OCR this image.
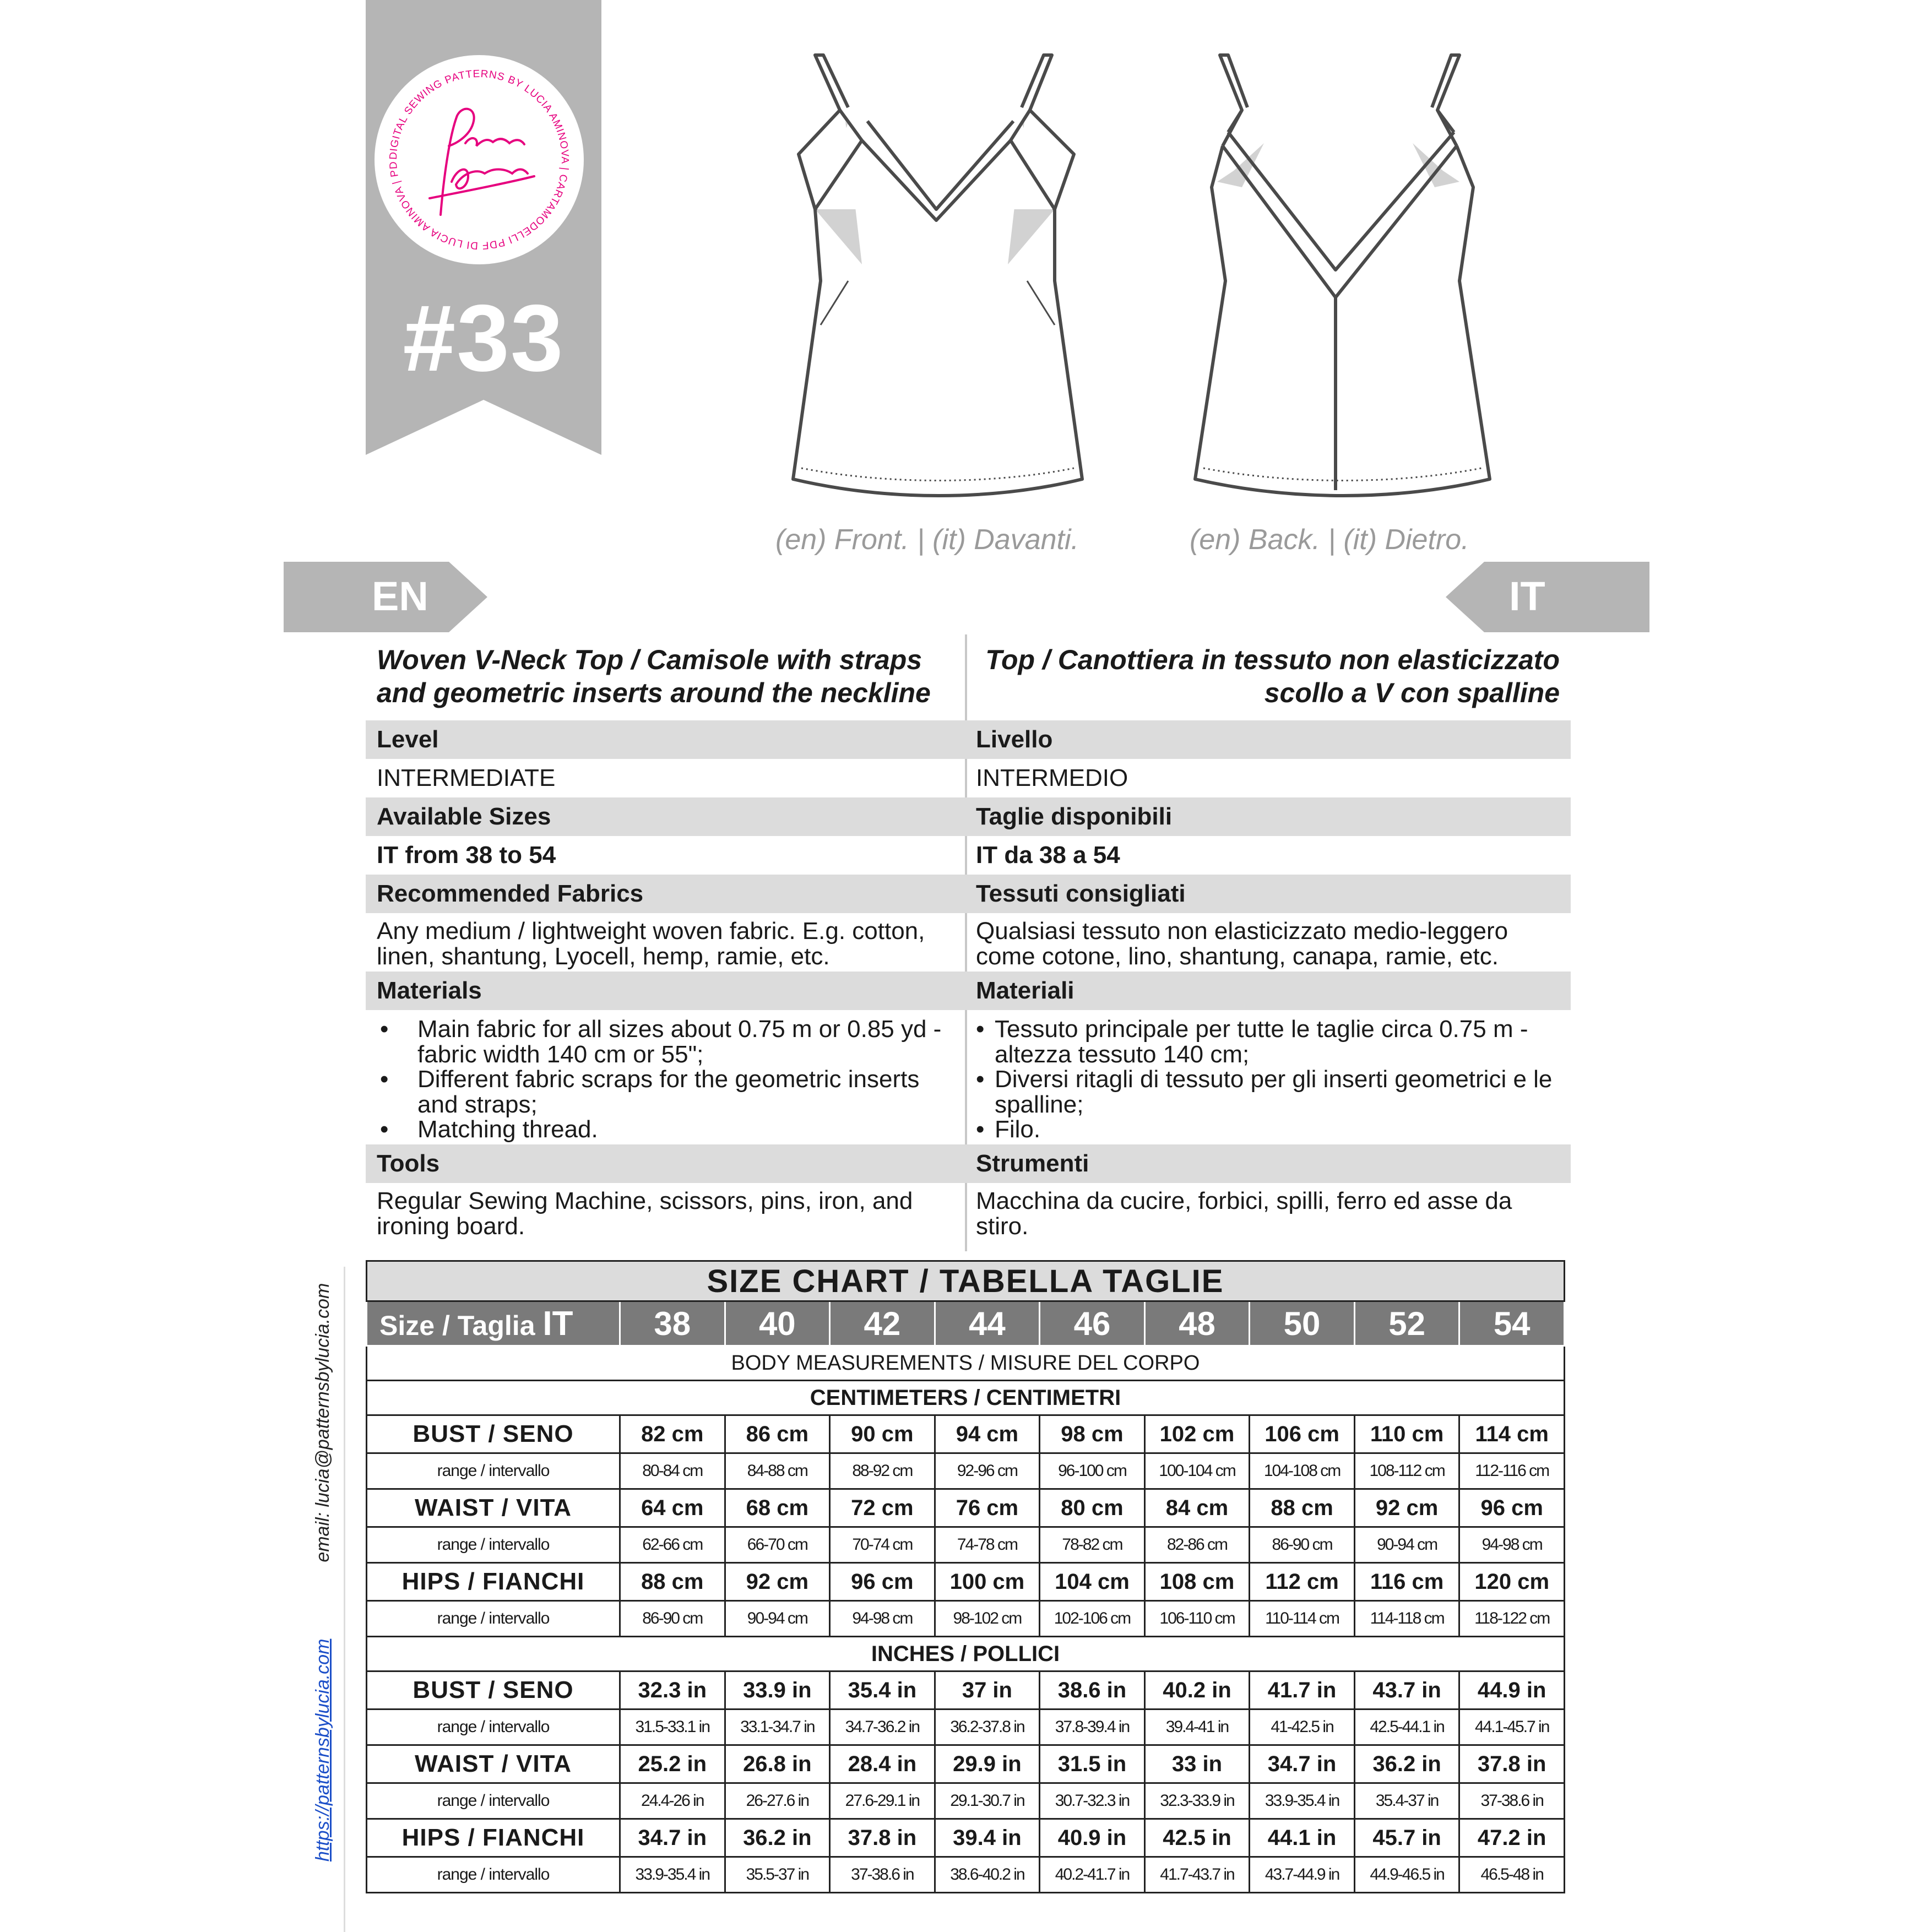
DIGITAL SEWING PATTERNS BY LUCIA AMINOVA | CARTAMODELLI PDF DI LUCIA AMINOVA | PD
#33
(en) Front. | (it) Davanti.	(en) Back. | (it) Dietro.
EN	IT
Woven V-Neck Top / Camisole with straps and geometric inserts around the neckline
Level
INTERMEDIATE
Available Sizes
IT from 38 to 54
Recommended Fabrics
Any medium / lightweight woven fabric. E.g. cotton, linen, shantung, Lyocell, hemp, ramie, etc.
Materials
• Main fabric for all sizes about 0.75 m or 0.85 yd - fabric width 140 cm or 55";
• Different fabric scraps for the geometric inserts and straps;
• Matching thread.
Tools
Regular Sewing Machine, scissors, pins, iron, and ironing board.
Top / Canottiera in tessuto non elasticizzato scollo a V con spalline
Livello
INTERMEDIO
Taglie disponibili
IT da 38 a 54
Tessuti consigliati
Qualsiasi tessuto non elasticizzato medio-leggero come cotone, lino, shantung, canapa, ramie, etc.
Materiali
• Tessuto principale per tutte le taglie circa 0.75 m - altezza tessuto 140 cm;
• Diversi ritagli di tessuto per gli inserti geometrici e le spalline;
• Filo.
Strumenti
Macchina da cucire, forbici, spilli, ferro ed asse da stiro.
https://patternsbylucia.com  email: lucia@patternsbylucia.com
SIZE CHART / TABELLA TAGLIE									
Size / Taglia IT	38	40	42	44	46	48	50	52	54
BODY MEASUREMENTS / MISURE DEL CORPO									
CENTIMETERS / CENTIMETRI									
BUST / SENO	82 cm	86 cm	90 cm	94 cm	98 cm	102 cm	106 cm	110 cm	114 cm
range / intervallo	80-84 cm	84-88 cm	88-92 cm	92-96 cm	96-100 cm	100-104 cm	104-108 cm	108-112 cm	112-116 cm
WAIST / VITA	64 cm	68 cm	72 cm	76 cm	80 cm	84 cm	88 cm	92 cm	96 cm
range / intervallo	62-66 cm	66-70 cm	70-74 cm	74-78 cm	78-82 cm	82-86 cm	86-90 cm	90-94 cm	94-98 cm
HIPS / FIANCHI	88 cm	92 cm	96 cm	100 cm	104 cm	108 cm	112 cm	116 cm	120 cm
range / intervallo	86-90 cm	90-94 cm	94-98 cm	98-102 cm	102-106 cm	106-110 cm	110-114 cm	114-118 cm	118-122 cm
INCHES / POLLICI									
BUST / SENO	32.3 in	33.9 in	35.4 in	37 in	38.6 in	40.2 in	41.7 in	43.7 in	44.9 in
range / intervallo	31.5-33.1 in	33.1-34.7 in	34.7-36.2 in	36.2-37.8 in	37.8-39.4 in	39.4-41 in	41-42.5 in	42.5-44.1 in	44.1-45.7 in
WAIST / VITA	25.2 in	26.8 in	28.4 in	29.9 in	31.5 in	33 in	34.7 in	36.2 in	37.8 in
range / intervallo	24.4-26 in	26-27.6 in	27.6-29.1 in	29.1-30.7 in	30.7-32.3 in	32.3-33.9 in	33.9-35.4 in	35.4-37 in	37-38.6 in
HIPS / FIANCHI	34.7 in	36.2 in	37.8 in	39.4 in	40.9 in	42.5 in	44.1 in	45.7 in	47.2 in
range / intervallo	33.9-35.4 in	35.5-37 in	37-38.6 in	38.6-40.2 in	40.2-41.7 in	41.7-43.7 in	43.7-44.9 in	44.9-46.5 in	46.5-48 in
